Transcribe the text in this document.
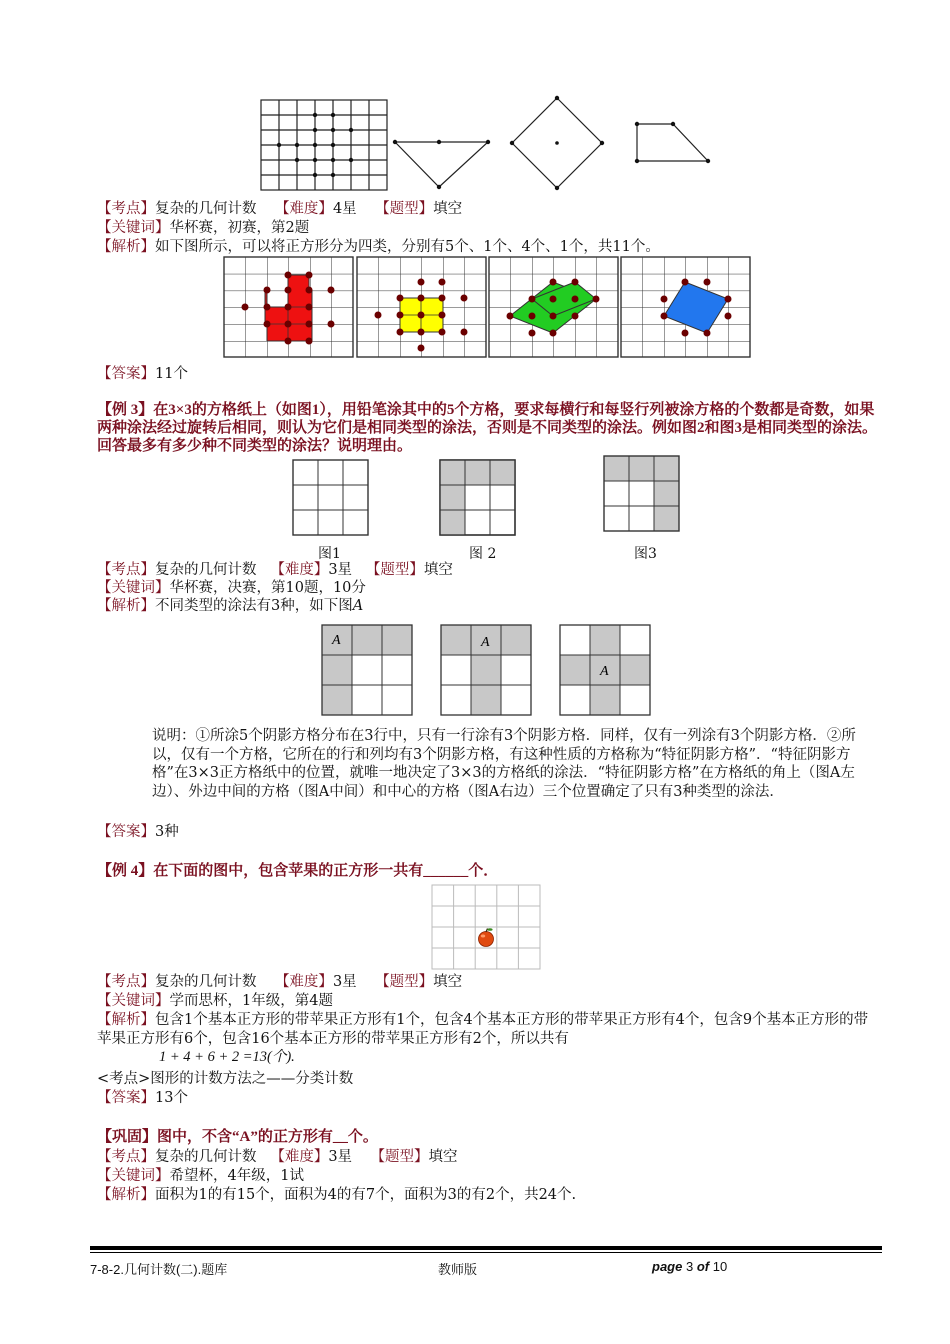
【考点】复杂的几何计数 【难度】4星 【题型】填空
【关键词】华杯赛，初赛，第2题
【解析】如下图所示，可以将正方形分为四类，分别有5个、1个、4个、1个，共11个。
【答案】11个
【例 3】在3×3的方格纸上（如图1），用铅笔涂其中的5个方格，要求每横行和每竖行列被涂方格的个数都是奇数，如果两种涂法经过旋转后相同，则认为它们是相同类型的涂法，否则是不同类型的涂法。例如图2和图3是相同类型的涂法。回答最多有多少种不同类型的涂法？说明理由。
图1	图 2	图3
【考点】复杂的几何计数 【难度】3星 【题型】填空
【关键词】华杯赛，决赛，第10题，10分
【解析】不同类型的涂法有3种，如下图A
A	A
A
说明：①所涂5个阴影方格分布在3行中，只有一行涂有3个阴影方格．同样，仅有一列涂有3个阴影方格．②所以，仅有一个方格，它所在的行和列均有3个阴影方格，有这种性质的方格称为“特征阴影方格”．“特征阴影方格”在3×3正方格纸中的位置，就唯一地决定了3×3的方格纸的涂法．“特征阴影方格”在方格纸的角上（图A左边）、外边中间的方格（图A中间）和中心的方格（图A右边）三个位置确定了只有3种类型的涂法．
【答案】3种
【例 4】在下面的图中，包含苹果的正方形一共有______个．
【考点】复杂的几何计数 【难度】3星 【题型】填空
【关键词】学而思杯，1年级，第4题
【解析】包含1个基本正方形的带苹果正方形有1个，包含4个基本正方形的带苹果正方形有4个，包含9个基本正方形的带苹果正方形有6个，包含16个基本正方形的带苹果正方形有2个，所以共有
1 + 4 + 6 + 2 =13(个).
<考点>图形的计数方法之——分类计数
【答案】13个
【巩固】图中，不含“A”的正方形有__个。
【考点】复杂的几何计数 【难度】3星 【题型】填空
【关键词】希望杯，4年级，1试
【解析】面积为1的有15个，面积为4的有7个，面积为3的有2个，共24个.
7-8-2.几何计数(二).题库	教师版	page 3 of 10
